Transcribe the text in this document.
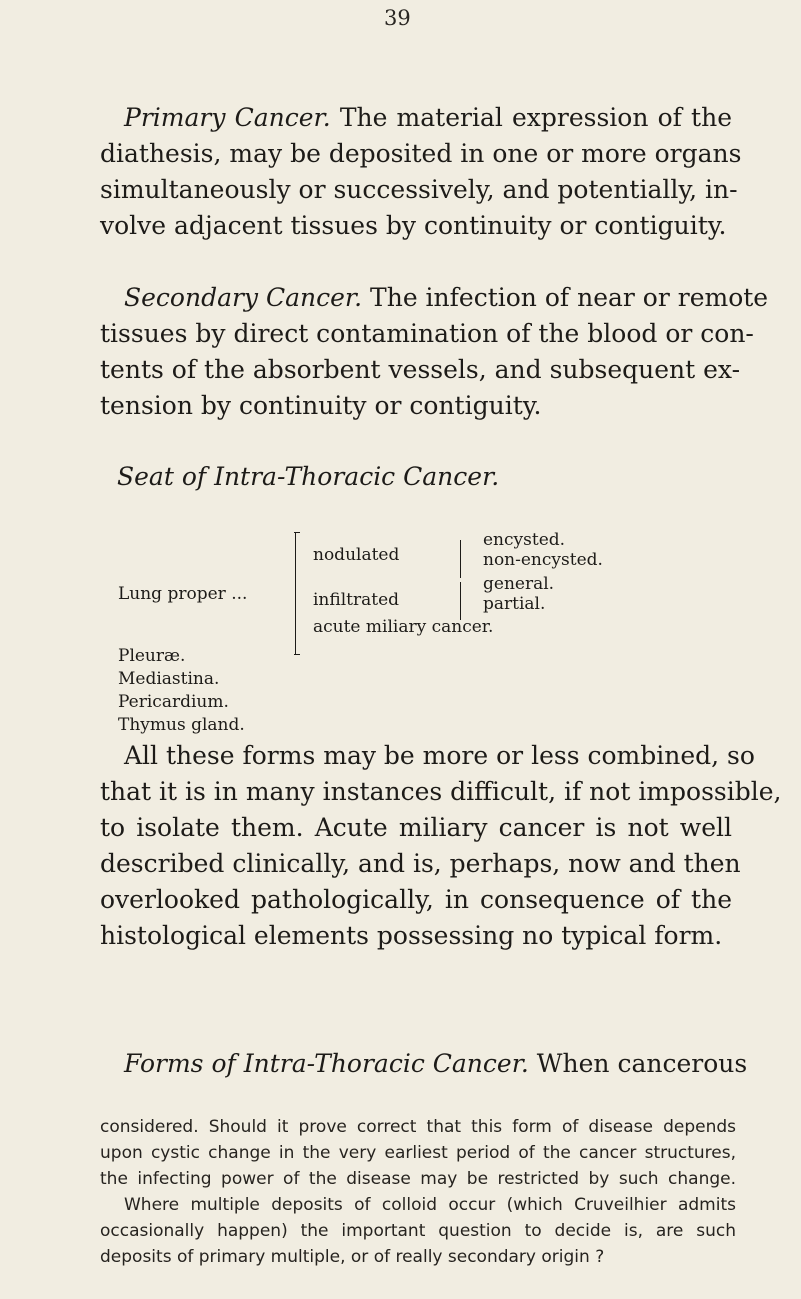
39

Primary Cancer. The material expression of the
diathesis, may be deposited in one or more organs
simultaneously or successively, and potentially, in-
volve adjacent tissues by continuity or contiguity.

Secondary Cancer. The infection of near or remote
tissues by direct contamination of the blood or con-
tents of the absorbent vessels, and subsequent ex-
tension by continuity or contiguity.

Seat of Intra-Thoracic Cancer.

Lung proper ...
nodulated
encysted.
non-encysted.
infiltrated
general.
partial.
acute miliary cancer.
Pleuræ.
Mediastina.
Pericardium.
Thymus gland.

All these forms may be more or less combined, so
that it is in many instances difficult, if not impossible,
to isolate them. Acute miliary cancer is not well
described clinically, and is, perhaps, now and then
overlooked pathologically, in consequence of the
histological elements possessing no typical form.

Forms of Intra-Thoracic Cancer. When cancerous

considered. Should it prove correct that this form of disease depends
upon cystic change in the very earliest period of the cancer structures,
the infecting power of the disease may be restricted by such change.
Where multiple deposits of colloid occur (which Cruveilhier admits
occasionally happen) the important question to decide is, are such
deposits of primary multiple, or of really secondary origin ?
